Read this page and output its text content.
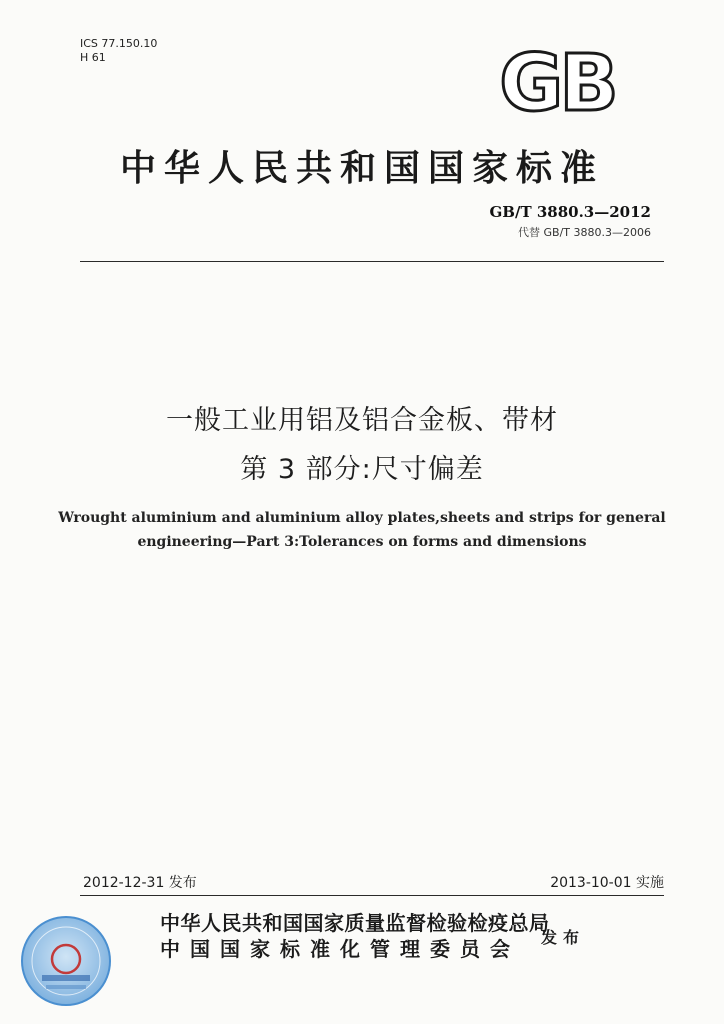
ICS 77.150.10
H 61	GB
中华人民共和国国家标准
GB/T 3880.3—2012
代替 GB/T 3880.3—2006
一般工业用铝及铝合金板、带材
第 3 部分:尺寸偏差
Wrought aluminium and aluminium alloy plates,sheets and strips for general
engineering—Part 3:Tolerances on forms and dimensions
2012-12-31 发布	2013-10-01 实施
中华人民共和国国家质量监督检验检疫总局
中国国家标准化管理委员会	发布
